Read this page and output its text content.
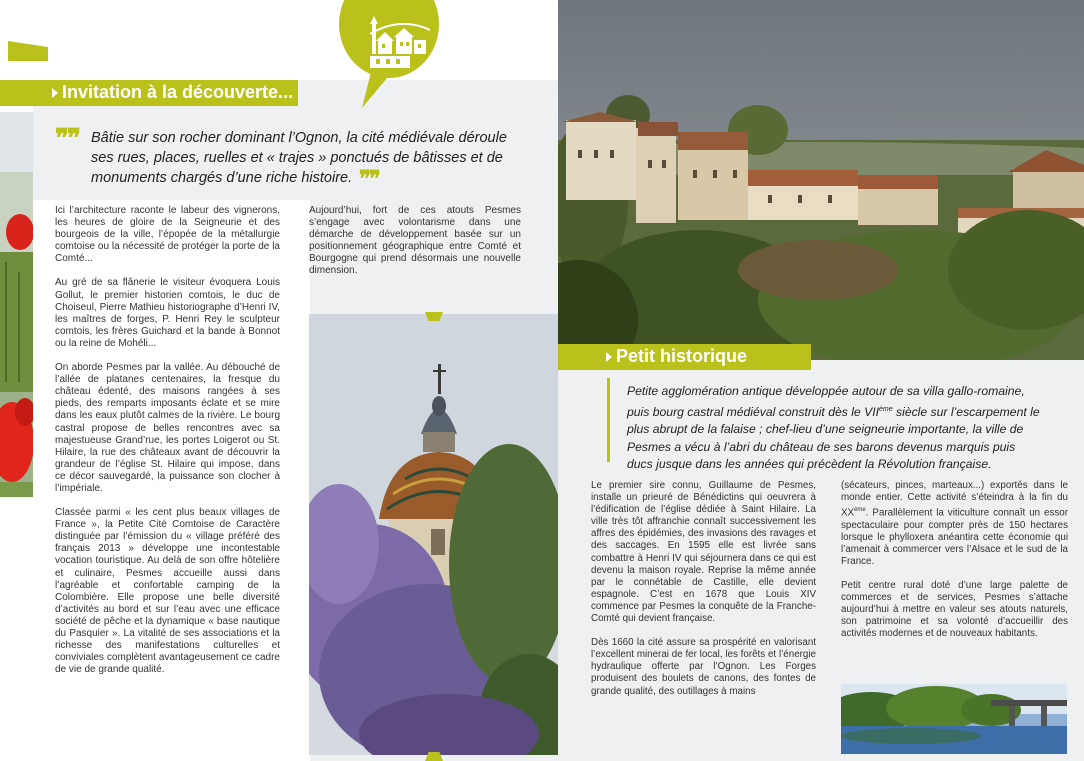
Invitation à la découverte...
❞❞
❞❞
Bâtie sur son rocher dominant l’Ognon, la cité médiévale déroule ses rues, places, ruelles et « trajes » ponctués de bâtisses et de monuments chargés d’une riche histoire.

Ici l’architecture raconte le labeur des vignerons, les heures de gloire de la Seigneurie et des bourgeois de la ville, l’épopée de la métallurgie comtoise ou la nécessité de protéger la porte de la Comté...

Au gré de sa flânerie le visiteur évoquera Louis Gollut, le premier historien comtois, le duc de Choiseul, Pierre Mathieu historiographe d’Henri IV, les maîtres de forges, P. Henri Rey le sculpteur comtois, les frères Guichard et la bande à Bonnot ou la reine de Mohéli...

On aborde Pesmes par la vallée. Au débouché de l’allée de platanes centenaires, la fresque du château édenté, des maisons rangées à ses pieds, des remparts imposants éclate et se mire dans les eaux plutôt calmes de la rivière. Le bourg castral propose de belles rencontres avec sa majestueuse Grand’rue, les portes Loigerot ou St. Hilaire, la rue des châteaux avant de découvrir la grandeur de l’église St. Hilaire qui impose, dans ce décor sauvegardé, la puissance son clocher à l’impériale.

Classée parmi « les cent plus beaux villages de France », la Petite Cité Comtoise de Caractère distinguée par l’émission du « village préféré des français 2013 » développe une incontestable vocation touristique. Au delà de son offre hôtelière et culinaire, Pesmes accueille aussi dans l’agréable et confortable camping de la Colombière. Elle propose une belle diversité d’activités au bord et sur l’eau avec une efficace société de pêche et la dynamique « base nautique du Pasquier ». La vitalité de ses associations et la richesse des manifestations culturelles et conviviales complètent avantageusement ce cadre de vie de grande qualité.

Aujourd’hui, fort de ces atouts Pesmes s’engage avec volontarisme dans une démarche de développement basée sur un positionnement géographique entre Comté et Bourgogne qui prend désormais une nouvelle dimension.

Petit historique
Petite agglomération antique développée autour de sa villa gallo-romaine, puis bourg castral médiéval construit dès le VIIème siècle sur l’escarpement le plus abrupt de la falaise ; chef-lieu d’une seigneurie importante, la ville de Pesmes a vécu à l’abri du château de ses barons devenus marquis puis ducs jusque dans les années qui précèdent la Révolution française.

Le premier sire connu, Guillaume de Pesmes, installe un prieuré de Bénédictins qui oeuvrera à l’édification de l’église dédiée à Saint Hilaire. La ville très tôt affranchie connaît successivement les affres des épidémies, des invasions des ravages et des saccages. En 1595 elle est livrée sans combattre à Henri IV qui séjournera dans ce qui est devenu la maison royale. Reprise la même année par le connétable de Castille, elle devient espagnole. C’est en 1678 que Louis XIV commence par Pesmes la conquête de la Franche-Comté qui devient française.

Dès 1660 la cité assure sa prospérité en valorisant l’excellent minerai de fer local, les forêts et l’énergie hydraulique offerte par l’Ognon. Les Forges produisent des boulets de canons, des fontes de grande qualité, des outillages à mains

(sécateurs, pinces, marteaux...) exportés dans le monde entier. Cette activité s’éteindra à la fin du XXème. Parallèlement la viticulture connaît un essor spectaculaire pour compter près de 150 hectares lorsque le phylloxera anéantira cette économie qui l’amenait à commercer vers l’Alsace et le sud de la France.

Petit centre rural doté d’une large palette de commerces et de services, Pesmes s’attache aujourd’hui à mettre en valeur ses atouts naturels, son patrimoine et sa volonté d’accueillir des activités modernes et de nouveaux habitants.
